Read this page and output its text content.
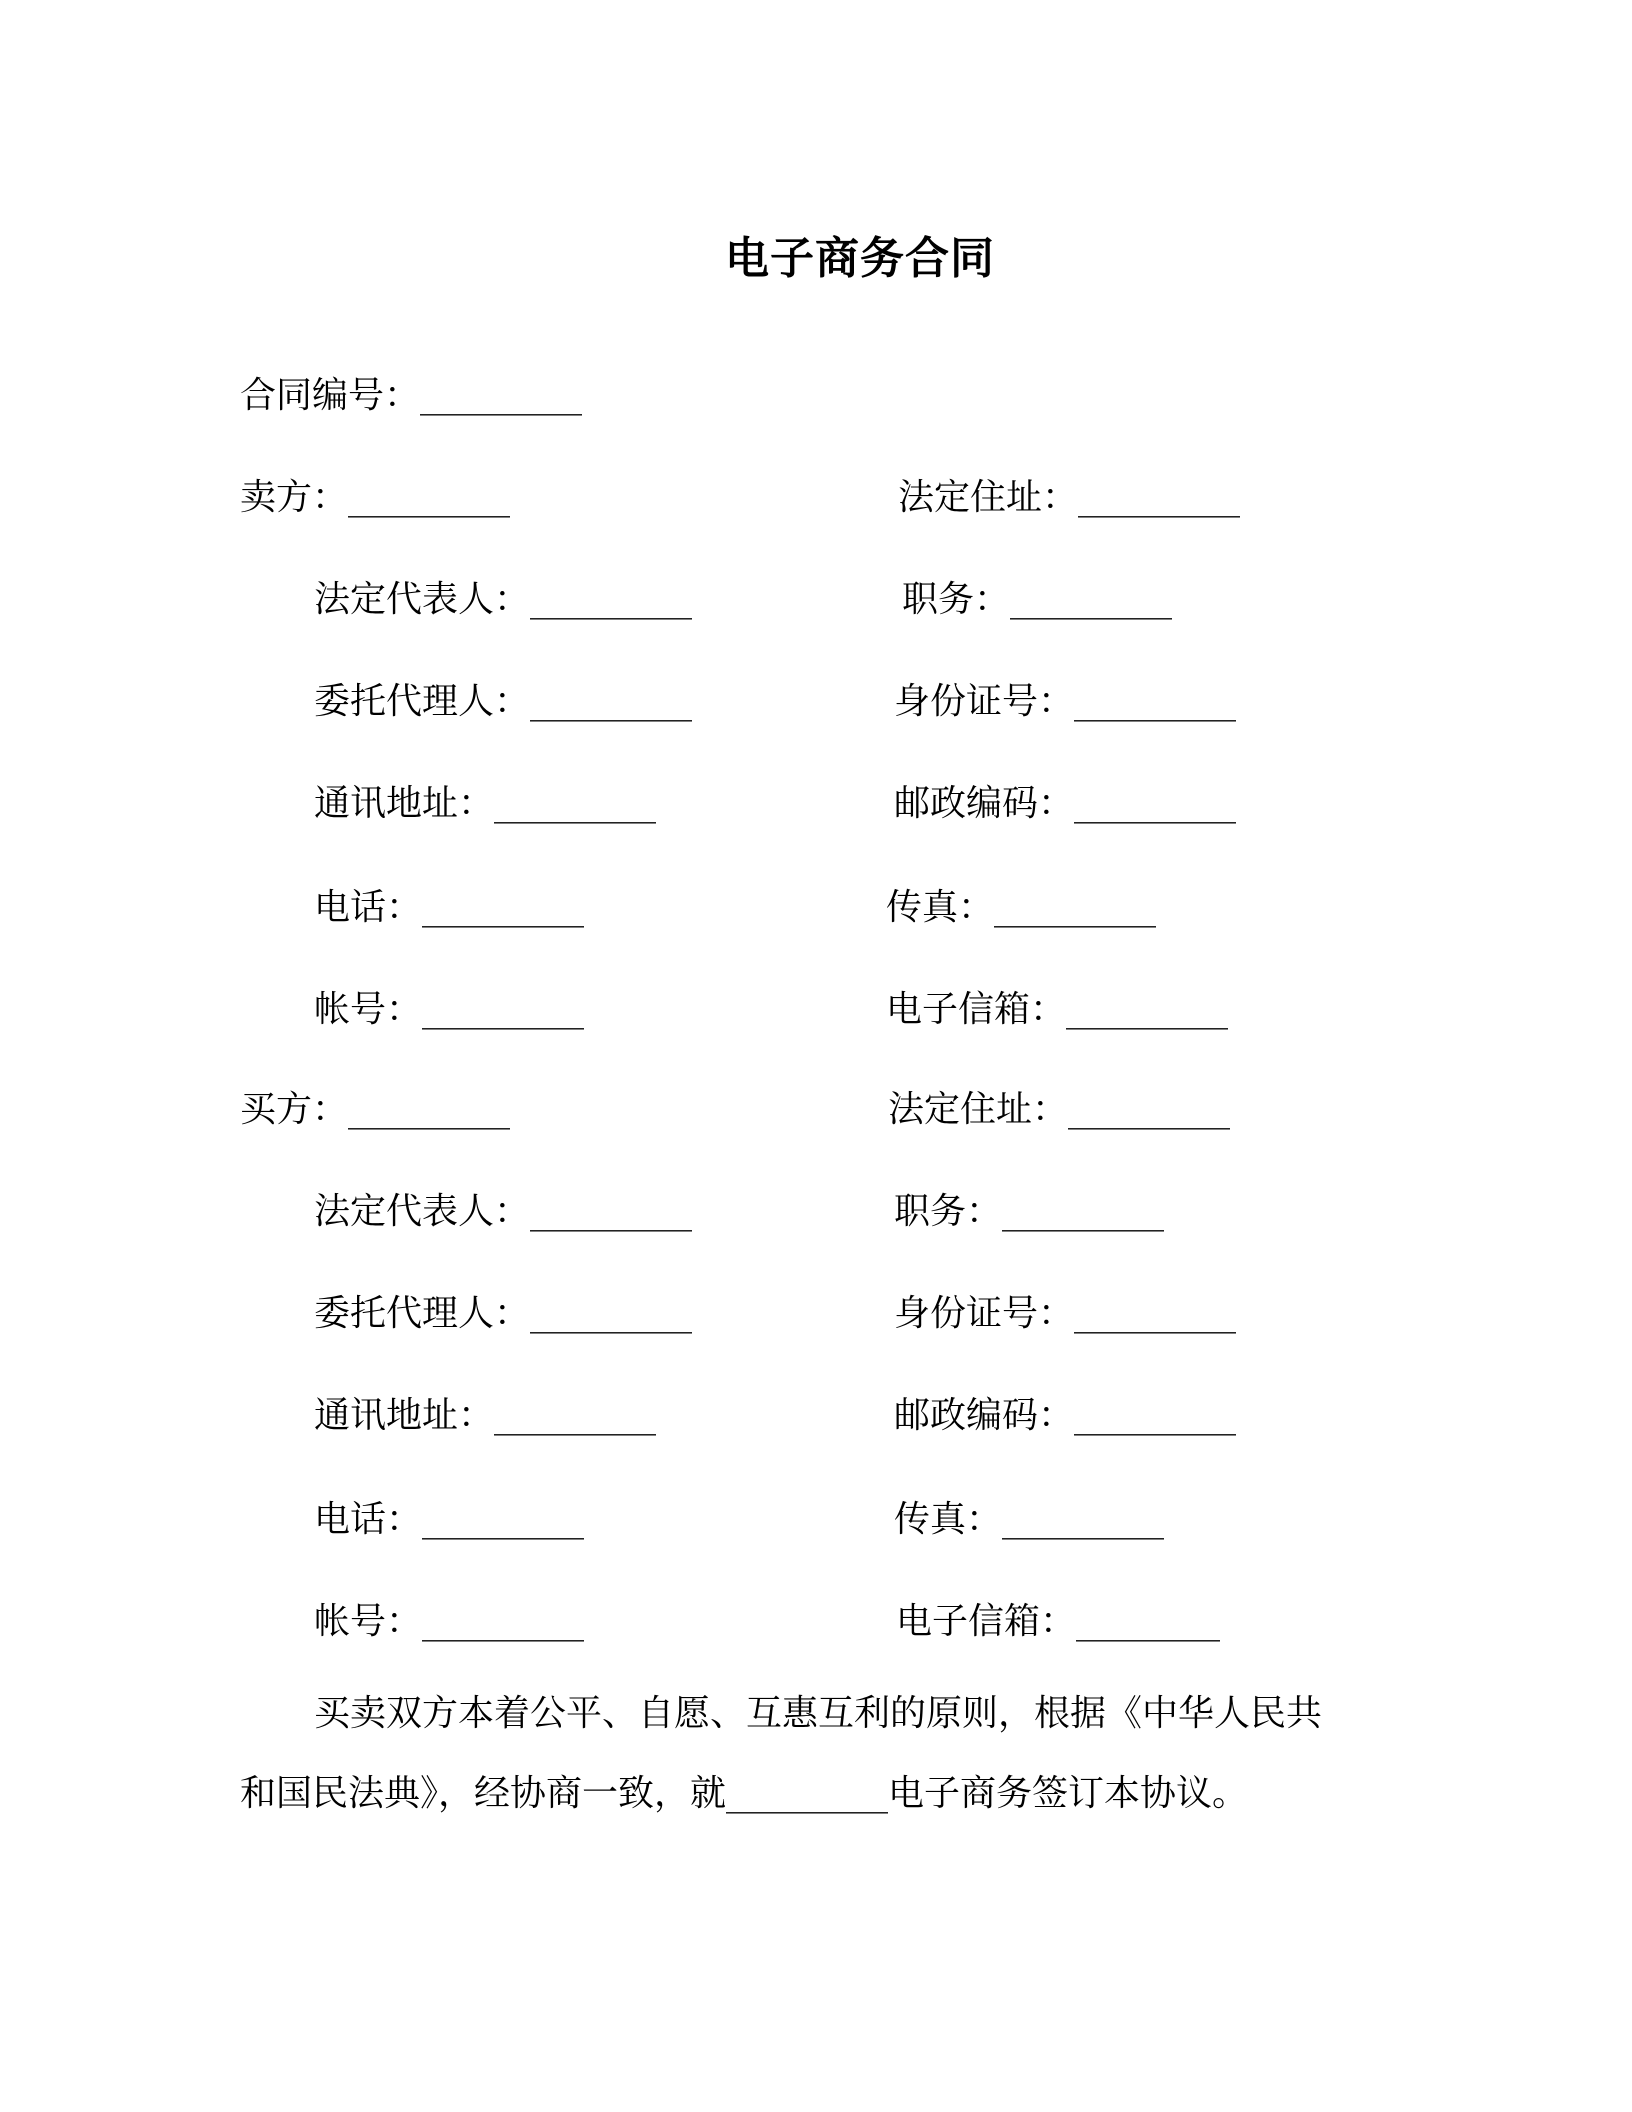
电子商务合同
合同编号：_________
卖方：_________	法定住址：_________
法定代表人：_________	职务：_________
委托代理人：_________	身份证号：_________
通讯地址：_________	邮政编码：_________
电话：_________	传真：_________
帐号：_________	电子信箱：_________
买方：_________	法定住址：_________
法定代表人：_________	职务：_________
委托代理人：_________	身份证号：_________
通讯地址：_________	邮政编码：_________
电话：_________	传真：_________
帐号：_________	电子信箱：________
买卖双方本着公平、自愿、互惠互利的原则，根据《中华人民共
和国民法典》，经协商一致，就_________电子商务签订本协议。
